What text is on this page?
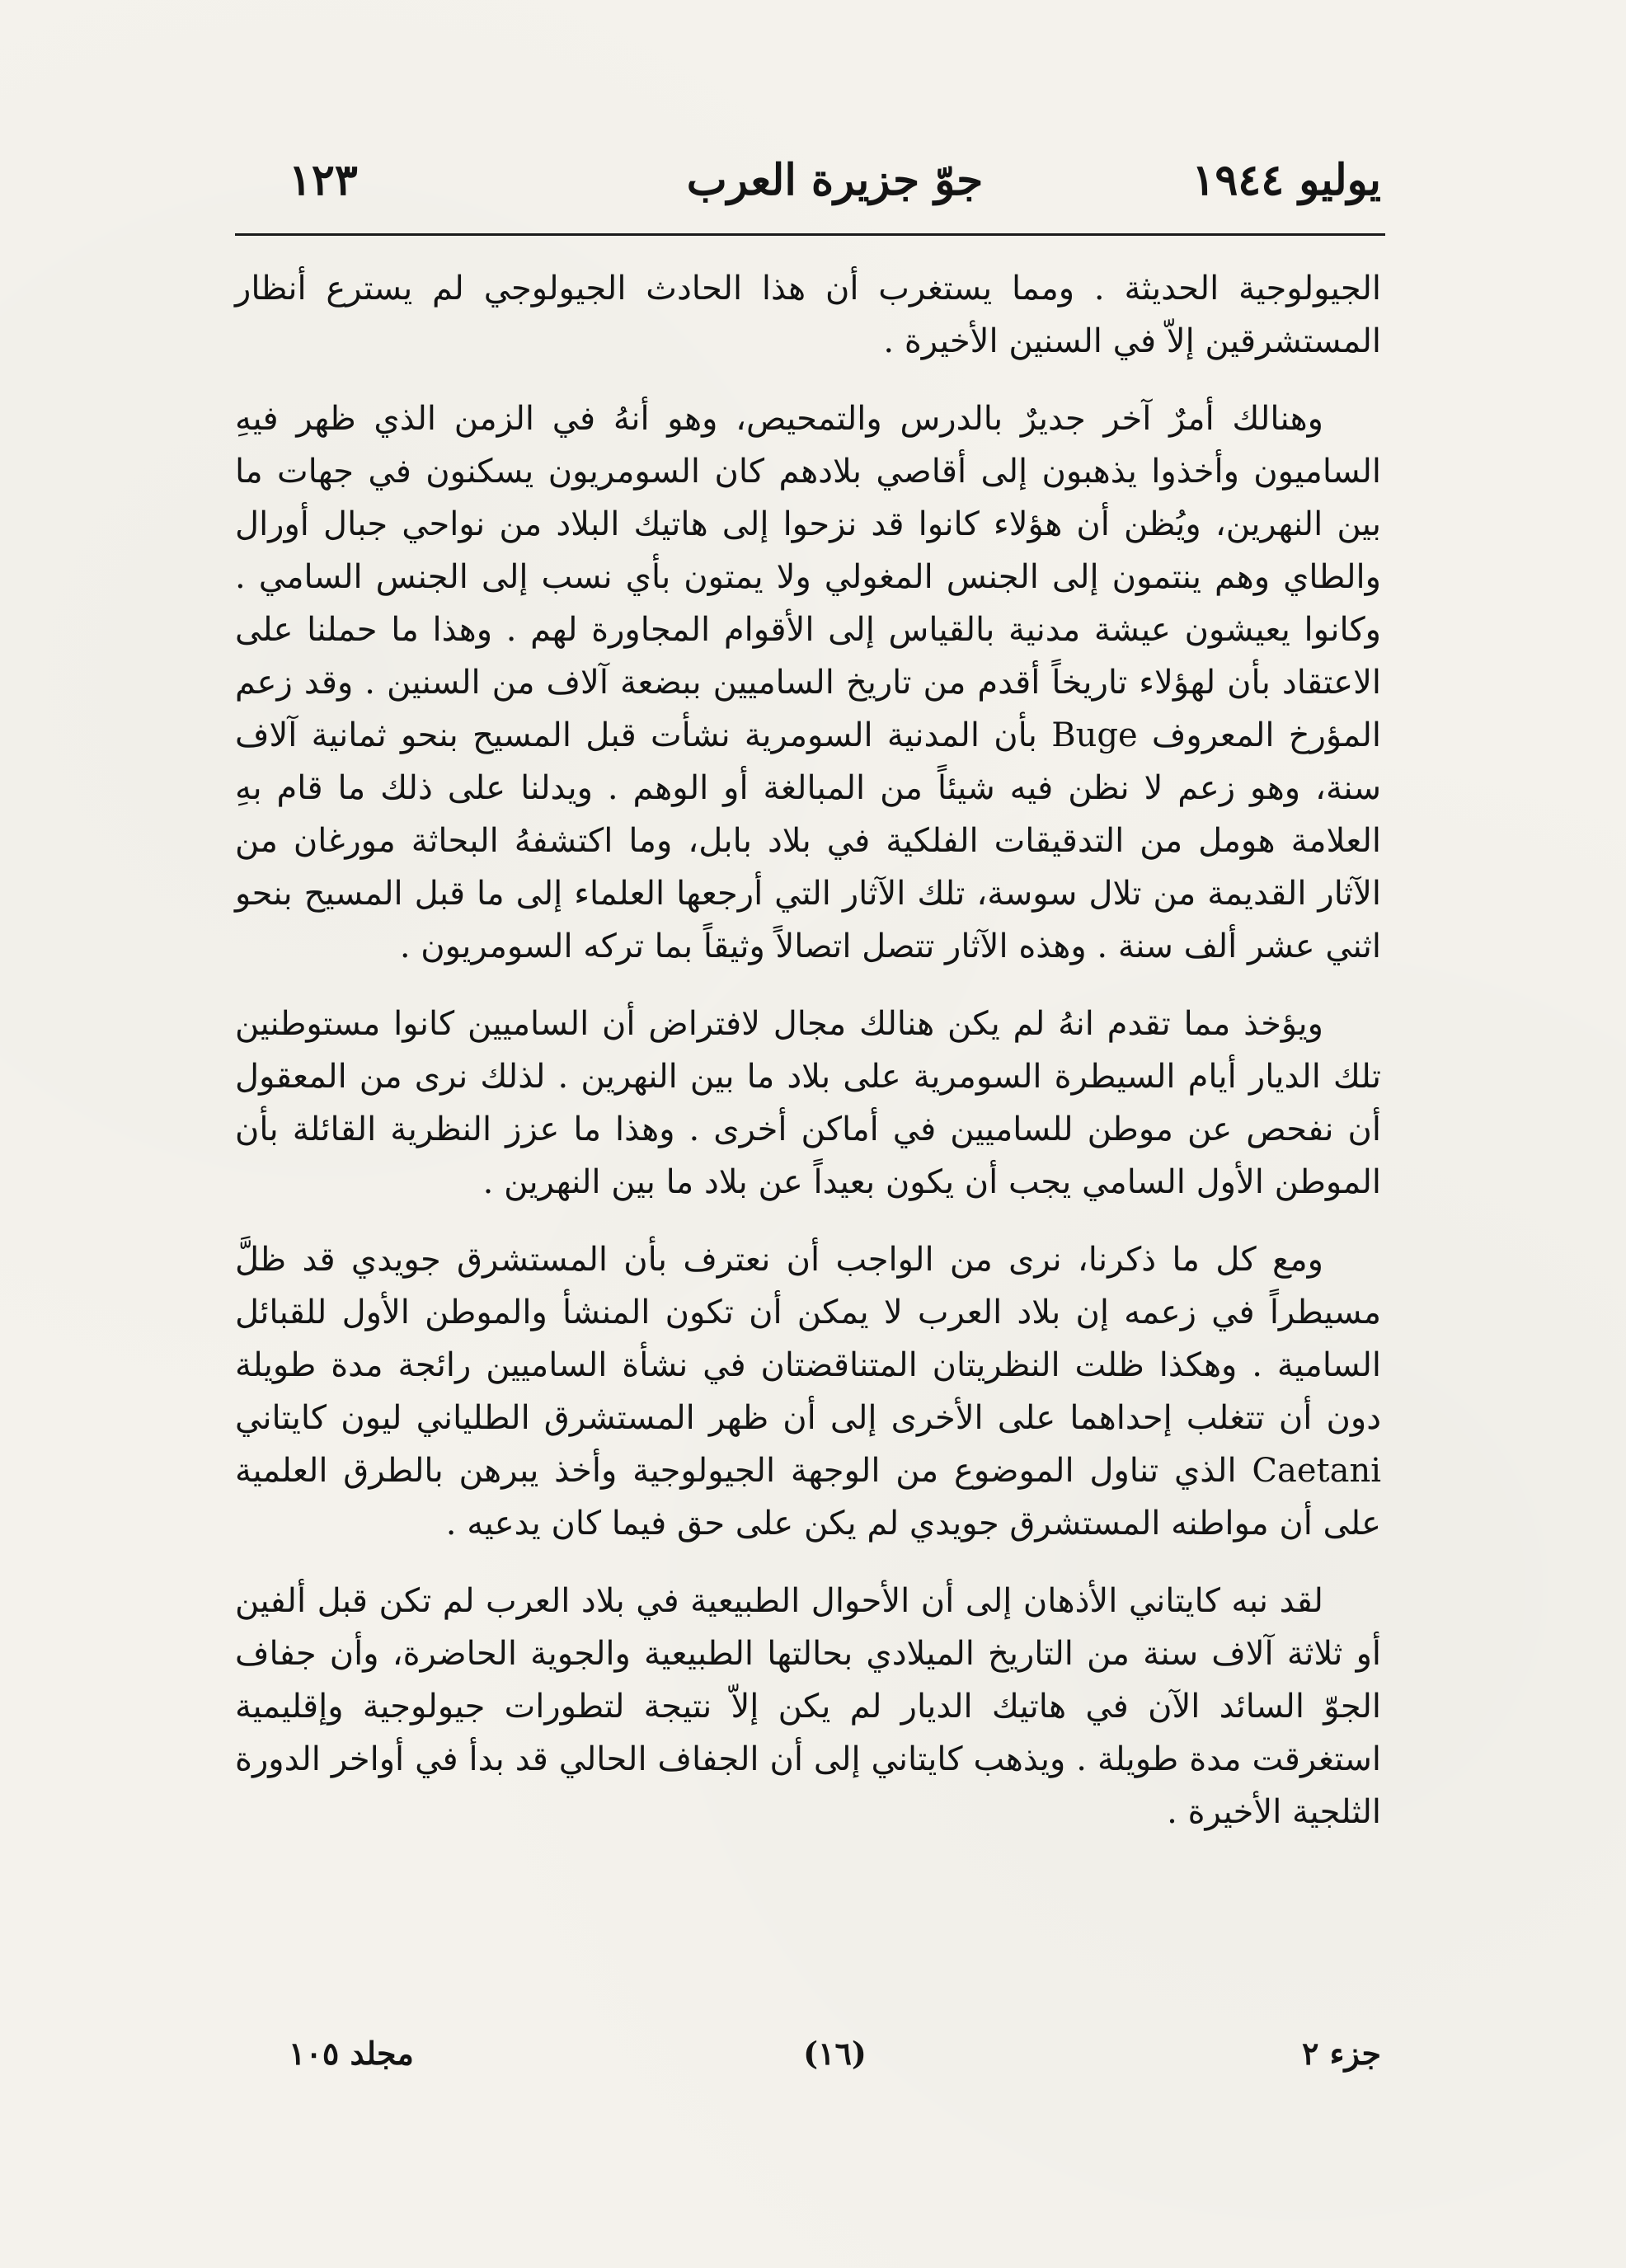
يوليو ١٩٤٤
جوّ جزيرة العرب
١٢٣

الجيولوجية الحديثة . ومما يستغرب أن هذا الحادث الجيولوجي لم يسترع أنظار المستشرقين إلاّ في السنين الأخيرة .

وهنالك أمرٌ آخر جديرٌ بالدرس والتمحيص، وهو أنهُ في الزمن الذي ظهر فيهِ الساميون وأخذوا يذهبون إلى أقاصي بلادهم كان السومريون يسكنون في جهات ما بين النهرين، ويُظن أن هؤلاء كانوا قد نزحوا إلى هاتيك البلاد من نواحي جبال أورال والطاي وهم ينتمون إلى الجنس المغولي ولا يمتون بأي نسب إلى الجنس السامي . وكانوا يعيشون عيشة مدنية بالقياس إلى الأقوام المجاورة لهم . وهذا ما حملنا على الاعتقاد بأن لهؤلاء تاريخاً أقدم من تاريخ الساميين ببضعة آلاف من السنين . وقد زعم المؤرخ المعروف Buge بأن المدنية السومرية نشأت قبل المسيح بنحو ثمانية آلاف سنة، وهو زعم لا نظن فيه شيئاً من المبالغة أو الوهم . ويدلنا على ذلك ما قام بهِ العلامة هومل من التدقيقات الفلكية في بلاد بابل، وما اكتشفهُ البحاثة مورغان من الآثار القديمة من تلال سوسة، تلك الآثار التي أرجعها العلماء إلى ما قبل المسيح بنحو اثني عشر ألف سنة . وهذه الآثار تتصل اتصالاً وثيقاً بما تركه السومريون .

ويؤخذ مما تقدم انهُ لم يكن هنالك مجال لافتراض أن الساميين كانوا مستوطنين تلك الديار أيام السيطرة السومرية على بلاد ما بين النهرين . لذلك نرى من المعقول أن نفحص عن موطن للساميين في أماكن أخرى . وهذا ما عزز النظرية القائلة بأن الموطن الأول السامي يجب أن يكون بعيداً عن بلاد ما بين النهرين .

ومع كل ما ذكرنا، نرى من الواجب أن نعترف بأن المستشرق جويدي قد ظلَّ مسيطراً في زعمه إن بلاد العرب لا يمكن أن تكون المنشأ والموطن الأول للقبائل السامية . وهكذا ظلت النظريتان المتناقضتان في نشأة الساميين رائجة مدة طويلة دون أن تتغلب إحداهما على الأخرى إلى أن ظهر المستشرق الطلياني ليون كايتاني Caetani الذي تناول الموضوع من الوجهة الجيولوجية وأخذ يبرهن بالطرق العلمية على أن مواطنه المستشرق جويدي لم يكن على حق فيما كان يدعيه .

لقد نبه كايتاني الأذهان إلى أن الأحوال الطبيعية في بلاد العرب لم تكن قبل ألفين أو ثلاثة آلاف سنة من التاريخ الميلادي بحالتها الطبيعية والجوية الحاضرة، وأن جفاف الجوّ السائد الآن في هاتيك الديار لم يكن إلاّ نتيجة لتطورات جيولوجية وإقليمية استغرقت مدة طويلة . ويذهب كايتاني إلى أن الجفاف الحالي قد بدأ في أواخر الدورة الثلجية الأخيرة .

جزء ٢
(١٦)
مجلد ١٠٥
